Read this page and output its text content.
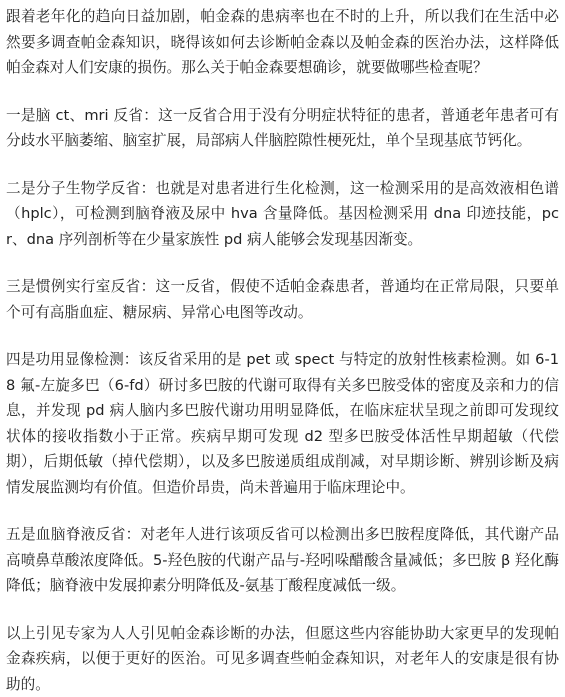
跟着老年化的趋向日益加剧，帕金森的患病率也在不时的上升，所以我们在生活中必然要多调查帕金森知识，晓得该如何去诊断帕金森以及帕金森的医治办法，这样降低帕金森对人们安康的损伤。那么关于帕金森要想确诊，就要做哪些检查呢？

一是脑 ct、mri 反省：这一反省合用于没有分明症状特征的患者，普通老年患者可有分歧水平脑萎缩、脑室扩展，局部病人伴脑腔隙性梗死灶，单个呈现基底节钙化。

二是分子生物学反省：也就是对患者进行生化检测，这一检测采用的是高效液相色谱（hplc），可检测到脑脊液及尿中 hva 含量降低。基因检测采用 dna 印迹技能，pcr、dna 序列剖析等在少量家族性 pd 病人能够会发现基因渐变。

三是惯例实行室反省：这一反省，假使不适帕金森患者，普通均在正常局限，只要单个可有高脂血症、糖尿病、异常心电图等改动。

四是功用显像检测：该反省采用的是 pet 或 spect 与特定的放射性核素检测。如 6-18 氟-左旋多巴（6-fd）研讨多巴胺的代谢可取得有关多巴胺受体的密度及亲和力的信息，并发现 pd 病人脑内多巴胺代谢功用明显降低，在临床症状呈现之前即可发现纹状体的接收指数小于正常。疾病早期可发现 d2 型多巴胺受体活性早期超敏（代偿期），后期低敏（掉代偿期），以及多巴胺递质组成削减，对早期诊断、辨别诊断及病情发展监测均有价值。但造价昂贵，尚未普遍用于临床理论中。

五是血脑脊液反省：对老年人进行该项反省可以检测出多巴胺程度降低，其代谢产品高喷鼻草酸浓度降低。5-羟色胺的代谢产品与-羟吲哚醋酸含量减低；多巴胺 β 羟化酶降低；脑脊液中发展抑素分明降低及-氨基丁酸程度减低一级。

以上引见专家为人人引见帕金森诊断的办法，但愿这些内容能协助大家更早的发现帕金森疾病，以便于更好的医治。可见多调查些帕金森知识，对老年人的安康是很有协助的。
